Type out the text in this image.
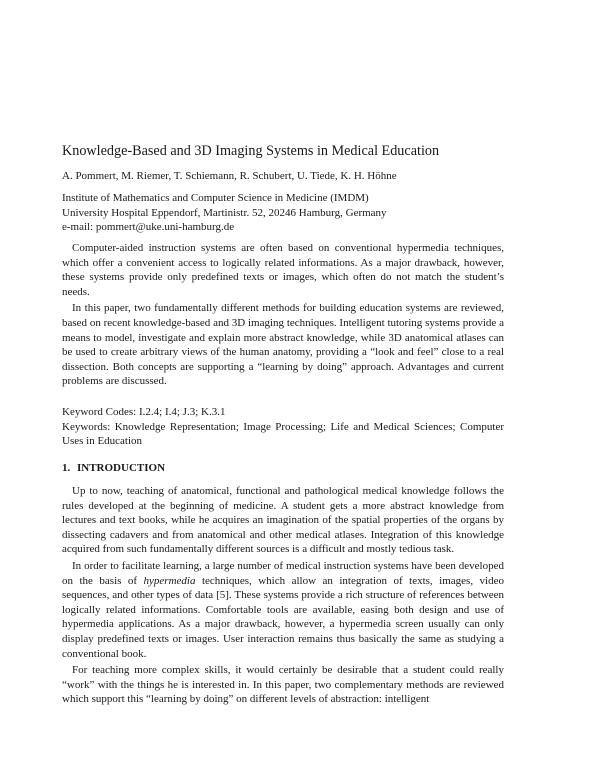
Knowledge-Based and 3D Imaging Systems in Medical Education
A. Pommert, M. Riemer, T. Schiemann, R. Schubert, U. Tiede, K. H. Höhne
Institute of Mathematics and Computer Science in Medicine (IMDM)
University Hospital Eppendorf, Martinistr. 52, 20246 Hamburg, Germany
e-mail: pommert@uke.uni-hamburg.de

Computer-aided instruction systems are often based on conventional hypermedia techniques, which offer a convenient access to logically related informations. As a major drawback, however, these systems provide only predefined texts or images, which often do not match the student’s needs.

In this paper, two fundamentally different methods for building education systems are reviewed, based on recent knowledge-based and 3D imaging techniques. Intelligent tutoring systems provide a means to model, investigate and explain more abstract knowledge, while 3D anatomical atlases can be used to create arbitrary views of the human anatomy, providing a “look and feel” close to a real dissection. Both concepts are supporting a “learning by doing” approach. Advantages and current problems are discussed.

Keyword Codes: I.2.4; I.4; J.3; K.3.1
Keywords: Knowledge Representation; Image Processing; Life and Medical Sciences; Computer Uses in Education
1. INTRODUCTION

Up to now, teaching of anatomical, functional and pathological medical knowledge follows the rules developed at the beginning of medicine. A student gets a more abstract knowledge from lectures and text books, while he acquires an imagination of the spatial properties of the organs by dissecting cadavers and from anatomical and other medical atlases. Integration of this knowledge acquired from such fundamentally different sources is a difficult and mostly tedious task.

In order to facilitate learning, a large number of medical instruction systems have been developed on the basis of hypermedia techniques, which allow an integration of texts, images, video sequences, and other types of data [5]. These systems provide a rich structure of references between logically related informations. Comfortable tools are available, easing both design and use of hypermedia applications. As a major drawback, however, a hypermedia screen usually can only display predefined texts or images. User interaction remains thus basically the same as studying a conventional book.

For teaching more complex skills, it would certainly be desirable that a student could really “work” with the things he is interested in. In this paper, two complementary methods are reviewed which support this “learning by doing” on different levels of abstraction: intelligent
